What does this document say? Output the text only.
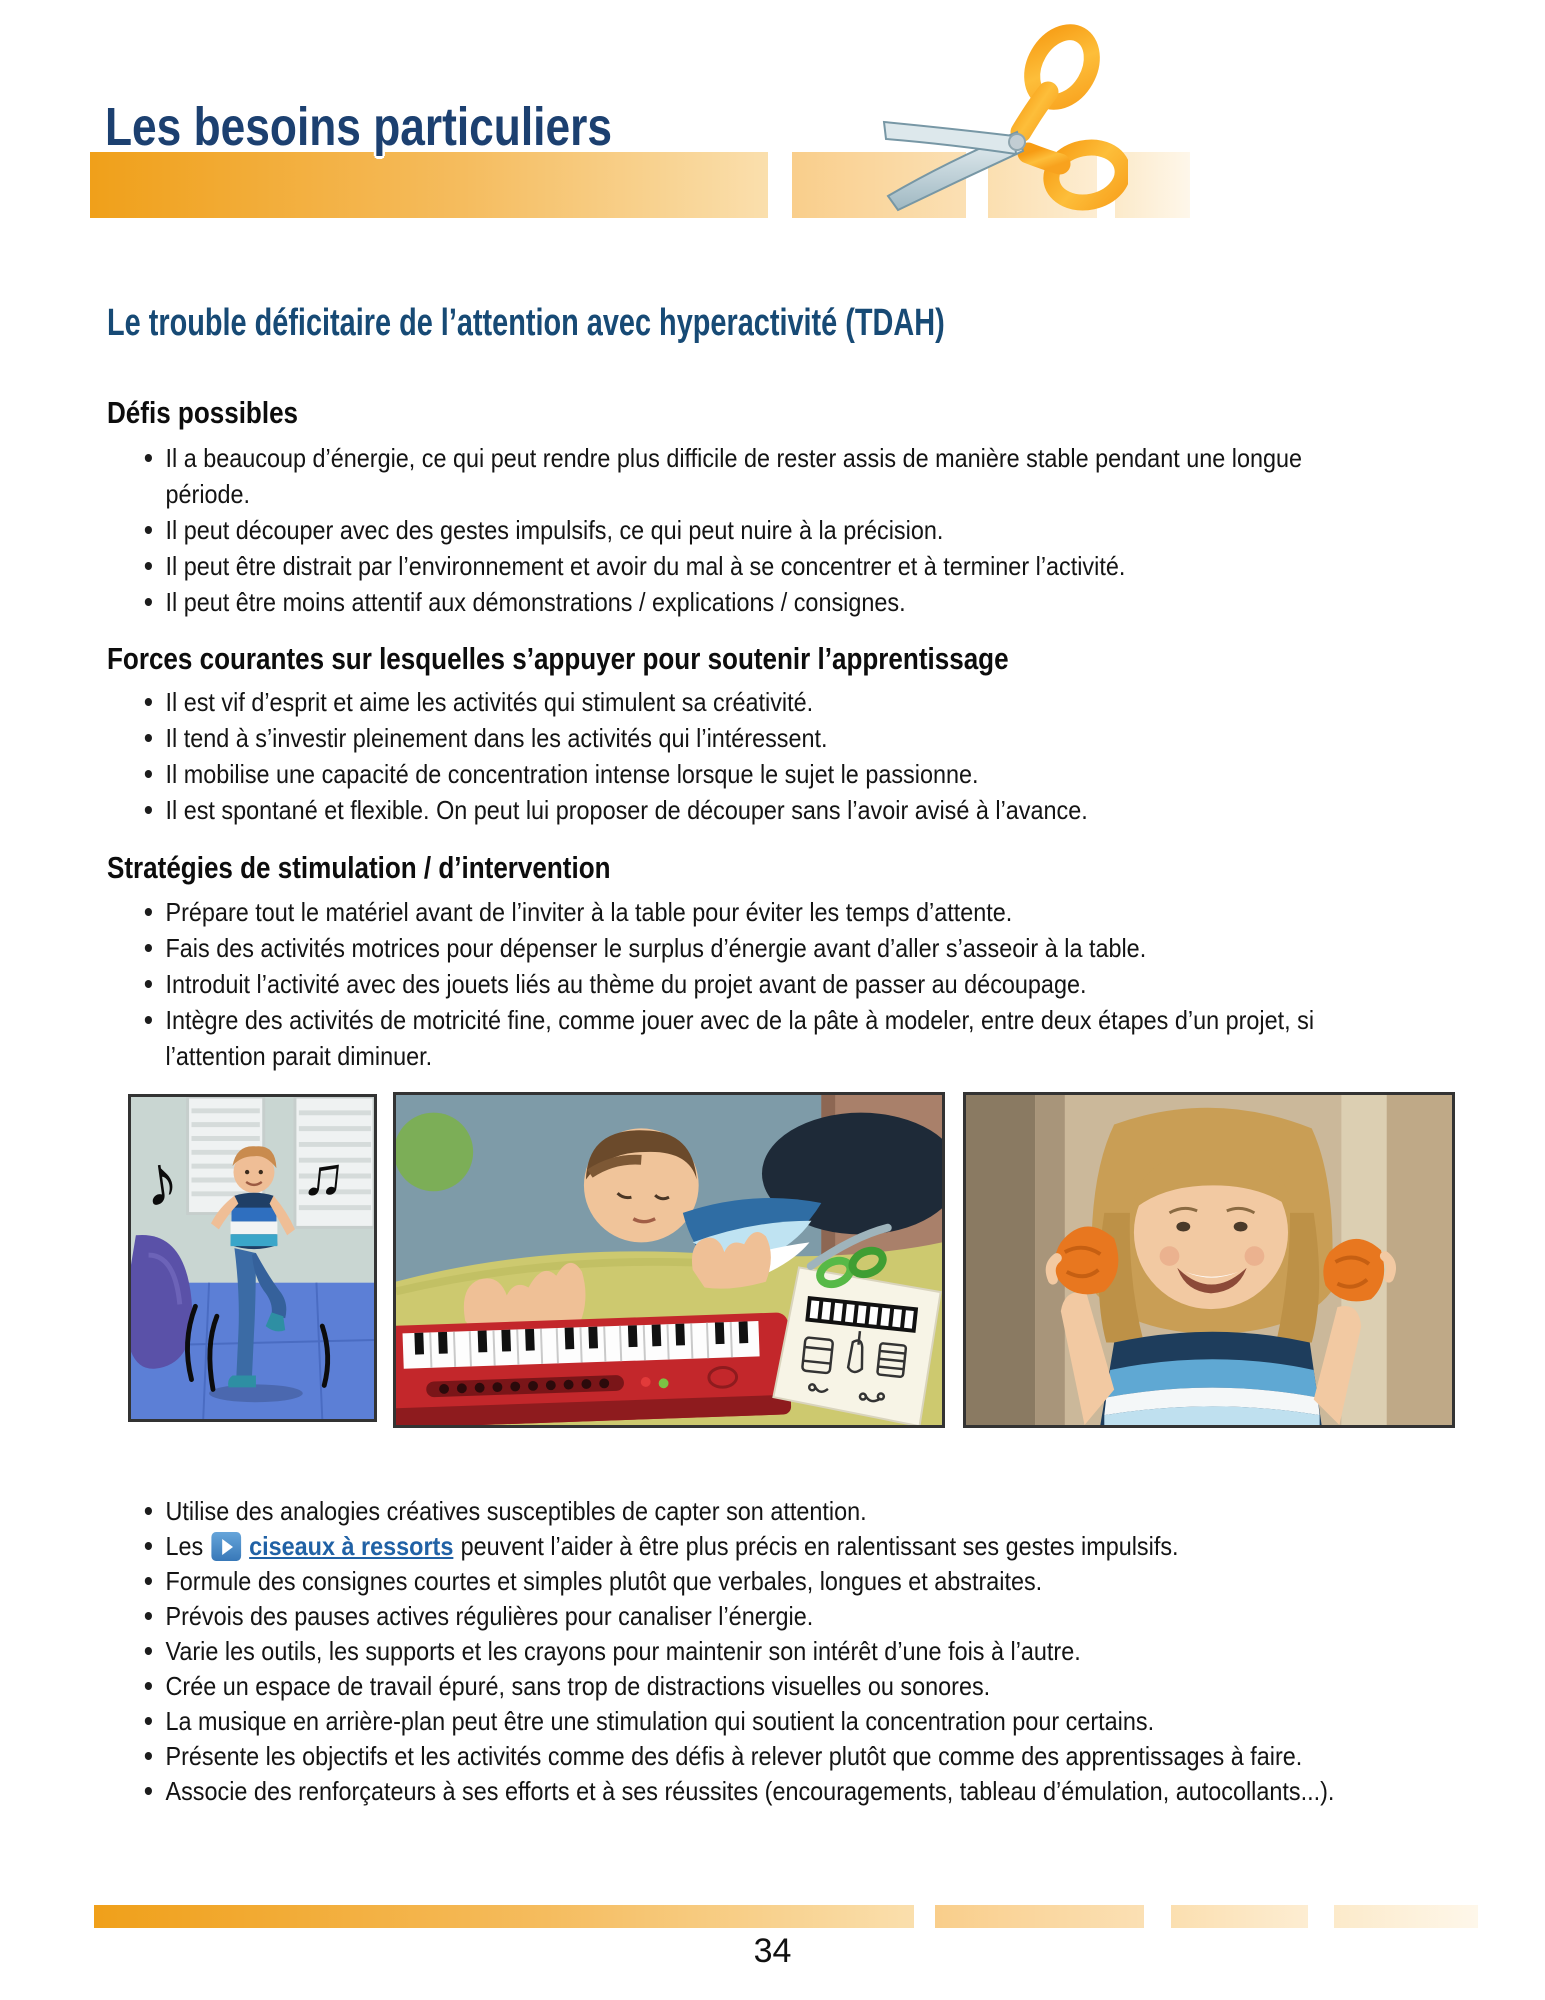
Les besoins particuliers
Le trouble déficitaire de l’attention avec hyperactivité (TDAH)
Défis possibles
Il a beaucoup d’énergie, ce qui peut rendre plus difficile de rester assis de manière stable pendant une longue période.
Il peut découper avec des gestes impulsifs, ce qui peut nuire à la précision.
Il peut être distrait par l’environnement et avoir du mal à se concentrer et à terminer l’activité.
Il peut être moins attentif aux démonstrations / explications / consignes.
Forces courantes sur lesquelles s’appuyer pour soutenir l’apprentissage
Il est vif d’esprit et aime les activités qui stimulent sa créativité.
Il tend à s’investir pleinement dans les activités qui l’intéressent.
Il mobilise une capacité de concentration intense lorsque le sujet le passionne.
Il est spontané et flexible. On peut lui proposer de découper sans l’avoir avisé à l’avance.
Stratégies de stimulation / d’intervention
Prépare tout le matériel avant de l’inviter à la table pour éviter les temps d’attente.
Fais des activités motrices pour dépenser le surplus d’énergie avant d’aller s’asseoir à la table.
Introduit l’activité avec des jouets liés au thème du projet avant de passer au découpage.
Intègre des activités de motricité fine, comme jouer avec de la pâte à modeler, entre deux étapes d’un projet, si l’attention parait diminuer.
♪ ♫
Utilise des analogies créatives susceptibles de capter son attention.
Les ciseaux à ressorts peuvent l’aider à être plus précis en ralentissant ses gestes impulsifs.
Formule des consignes courtes et simples plutôt que verbales, longues et abstraites.
Prévois des pauses actives régulières pour canaliser l’énergie.
Varie les outils, les supports et les crayons pour maintenir son intérêt d’une fois à l’autre.
Crée un espace de travail épuré, sans trop de distractions visuelles ou sonores.
La musique en arrière-plan peut être une stimulation qui soutient la concentration pour certains.
Présente les objectifs et les activités comme des défis à relever plutôt que comme des apprentissages à faire.
Associe des renforçateurs à ses efforts et à ses réussites (encouragements, tableau d’émulation, autocollants...).
34
